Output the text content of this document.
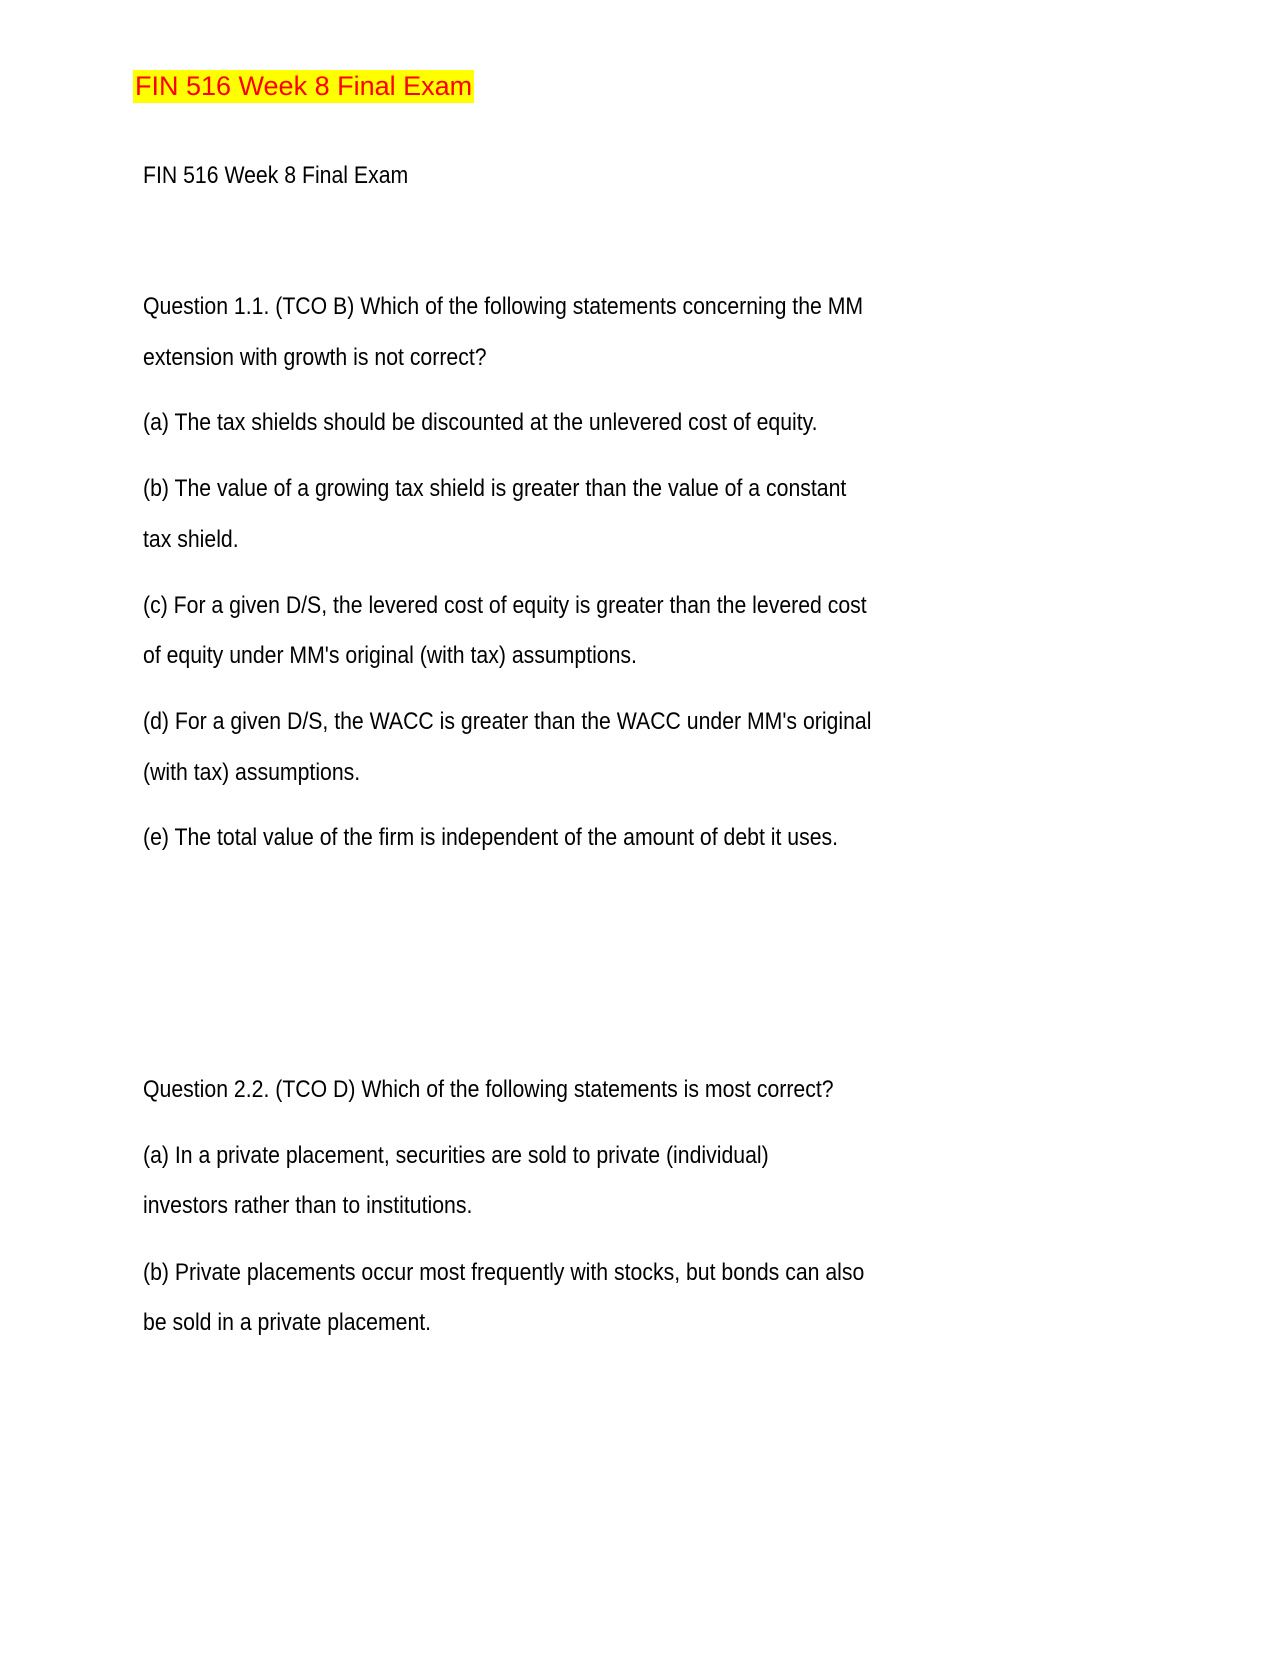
FIN 516 Week 8 Final Exam
FIN 516 Week 8 Final Exam
Question 1.1. (TCO B) Which of the following statements concerning the MM
extension with growth is not correct?
(a) The tax shields should be discounted at the unlevered cost of equity.
(b) The value of a growing tax shield is greater than the value of a constant
tax shield.
(c) For a given D/S, the levered cost of equity is greater than the levered cost
of equity under MM's original (with tax) assumptions.
(d) For a given D/S, the WACC is greater than the WACC under MM's original
(with tax) assumptions.
(e) The total value of the firm is independent of the amount of debt it uses.
Question 2.2. (TCO D) Which of the following statements is most correct?
(a) In a private placement, securities are sold to private (individual)
investors rather than to institutions.
(b) Private placements occur most frequently with stocks, but bonds can also
be sold in a private placement.
